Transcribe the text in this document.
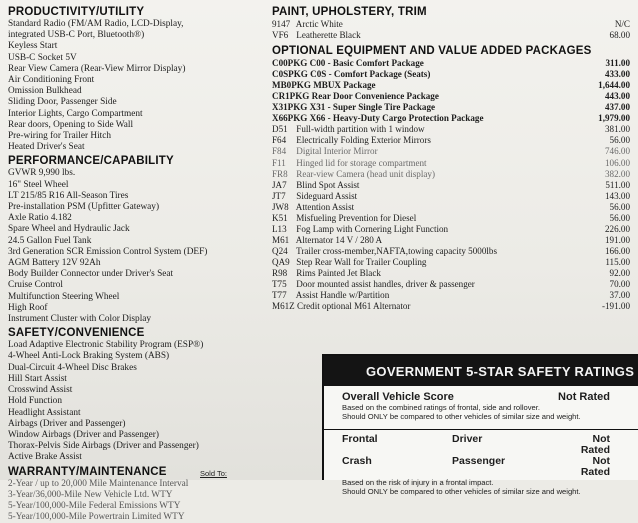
PRODUCTIVITY/UTILITY
Standard Radio (FM/AM Radio, LCD-Display,
integrated USB-C Port, Bluetooth®)
Keyless Start
USB-C Socket 5V
Rear View Camera (Rear-View Mirror Display)
Air Conditioning Front
Omission Bulkhead
Sliding Door, Passenger Side
Interior Lights, Cargo Compartment
Rear doors, Opening to Side Wall
Pre-wiring for Trailer Hitch
Heated Driver's Seat
PERFORMANCE/CAPABILITY
GVWR 9,990 lbs.
16" Steel Wheel
LT 215/85 R16 All-Season Tires
Pre-installation PSM (Upfitter Gateway)
Axle Ratio 4.182
Spare Wheel and Hydraulic Jack
24.5 Gallon Fuel Tank
3rd Generation SCR Emission Control System (DEF)
AGM Battery 12V 92Ah
Body Builder Connector under Driver's Seat
Cruise Control
Multifunction Steering Wheel
High Roof
Instrument Cluster with Color Display
SAFETY/CONVENIENCE
Load Adaptive Electronic Stability Program (ESP®)
4-Wheel Anti-Lock Braking System (ABS)
Dual-Circuit 4-Wheel Disc Brakes
Hill Start Assist
Crosswind Assist
Hold Function
Headlight Assistant
Airbags (Driver and Passenger)
Window Airbags (Driver and Passenger)
Thorax-Pelvis Side Airbags (Driver and Passenger)
Active Brake Assist
WARRANTY/MAINTENANCE
2-Year / up to 20,000 Mile Maintenance Interval
3-Year/36,000-Mile New Vehicle Ltd. WTY
5-Year/100,000-Mile Federal Emissions WTY
5-Year/100,000-Mile Powertrain Limited WTY
PAINT, UPHOLSTERY, TRIM
9147 Arctic White	N/C
VF6 Leatherette Black	68.00
OPTIONAL EQUIPMENT AND VALUE ADDED PACKAGES
C00PKG C00 - Basic Comfort Package	311.00
C0SPKG C0S - Comfort Package (Seats)	433.00
MB0PKG MBUX Package	1,644.00
CR1PKG Rear Door Convenience Package	443.00
X31PKG X31 - Super Single Tire Package	437.00
X66PKG X66 - Heavy-Duty Cargo Protection Package	1,979.00
D51 Full-width partition with 1 window	381.00
F64 Electrically Folding Exterior Mirrors	56.00
F84 Digital Interior Mirror	746.00
F11 Hinged lid for storage compartment	106.00
FR8 Rear-view Camera (head unit display)	382.00
JA7 Blind Spot Assist	511.00
JT7 Sideguard Assist	143.00
JW8 Attention Assist	56.00
K51 Misfueling Prevention for Diesel	56.00
L13 Fog Lamp with Cornering Light Function	226.00
M61 Alternator 14 V / 280 A	191.00
Q24 Trailer cross-member,NAFTA,towing capacity 5000lbs	166.00
QA9 Step Rear Wall for Trailer Coupling	115.00
R98 Rims Painted Jet Black	92.00
T75 Door mounted assist handles, driver & passenger	70.00
T77 Assist Handle w/Partition	37.00
M61Z Credit optional M61 Alternator	-191.00
Sold To:
GOVERNMENT 5-STAR SAFETY RATINGS
Overall Vehicle Score	Not Rated
Based on the combined ratings of frontal, side and rollover.
Should ONLY be compared to other vehicles of similar size and weight.
Frontal	Driver	Not Rated
Crash	Passenger	Not Rated
Based on the risk of injury in a frontal impact.
Should ONLY be compared to other vehicles of similar size and weight.
